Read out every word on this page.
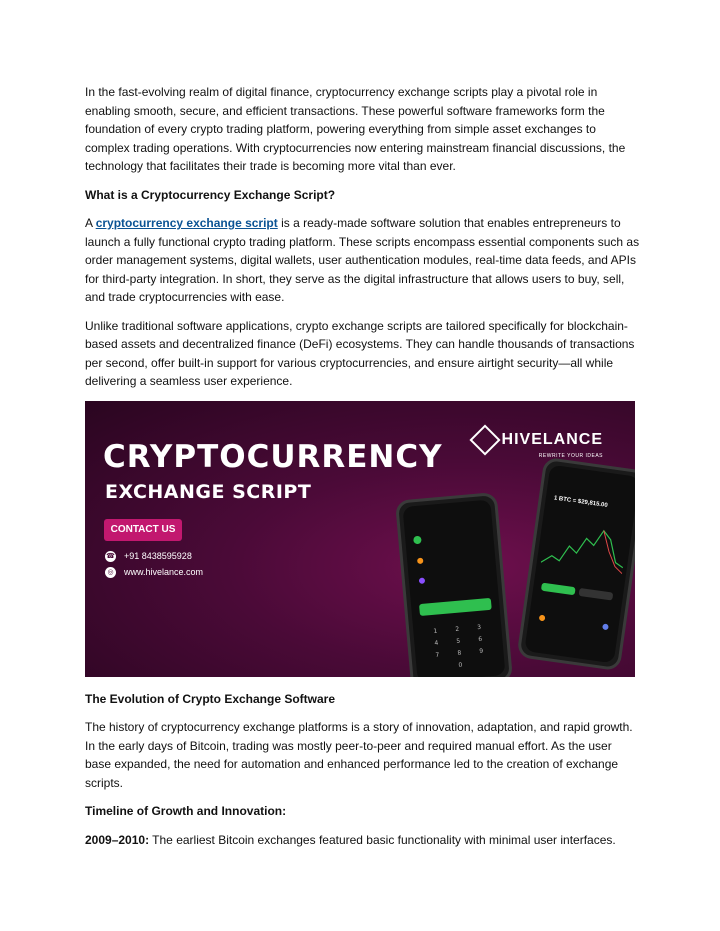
In the fast-evolving realm of digital finance, cryptocurrency exchange scripts play a pivotal role in enabling smooth, secure, and efficient transactions. These powerful software frameworks form the foundation of every crypto trading platform, powering everything from simple asset exchanges to complex trading operations. With cryptocurrencies now entering mainstream financial discussions, the technology that facilitates their trade is becoming more vital than ever.

What is a Cryptocurrency Exchange Script?

A cryptocurrency exchange script is a ready-made software solution that enables entrepreneurs to launch a fully functional crypto trading platform. These scripts encompass essential components such as order management systems, digital wallets, user authentication modules, real-time data feeds, and APIs for third-party integration. In short, they serve as the digital infrastructure that allows users to buy, sell, and trade cryptocurrencies with ease.

Unlike traditional software applications, crypto exchange scripts are tailored specifically for blockchain-based assets and decentralized finance (DeFi) ecosystems. They can handle thousands of transactions per second, offer built-in support for various cryptocurrencies, and ensure airtight security—all while delivering a seamless user experience.

CRYPTOCURRENCY
EXCHANGE SCRIPT
CONTACT US
☎ +91 8438595928
◎ www.hivelance.com
HIVELANCE
REWRITE YOUR IDEAS
1 BTC = $29,815.00
1	2	3
4	5	6
7	8	9
0

The Evolution of Crypto Exchange Software

The history of cryptocurrency exchange platforms is a story of innovation, adaptation, and rapid growth. In the early days of Bitcoin, trading was mostly peer-to-peer and required manual effort. As the user base expanded, the need for automation and enhanced performance led to the creation of exchange scripts.

Timeline of Growth and Innovation:

2009–2010: The earliest Bitcoin exchanges featured basic functionality with minimal user interfaces.
